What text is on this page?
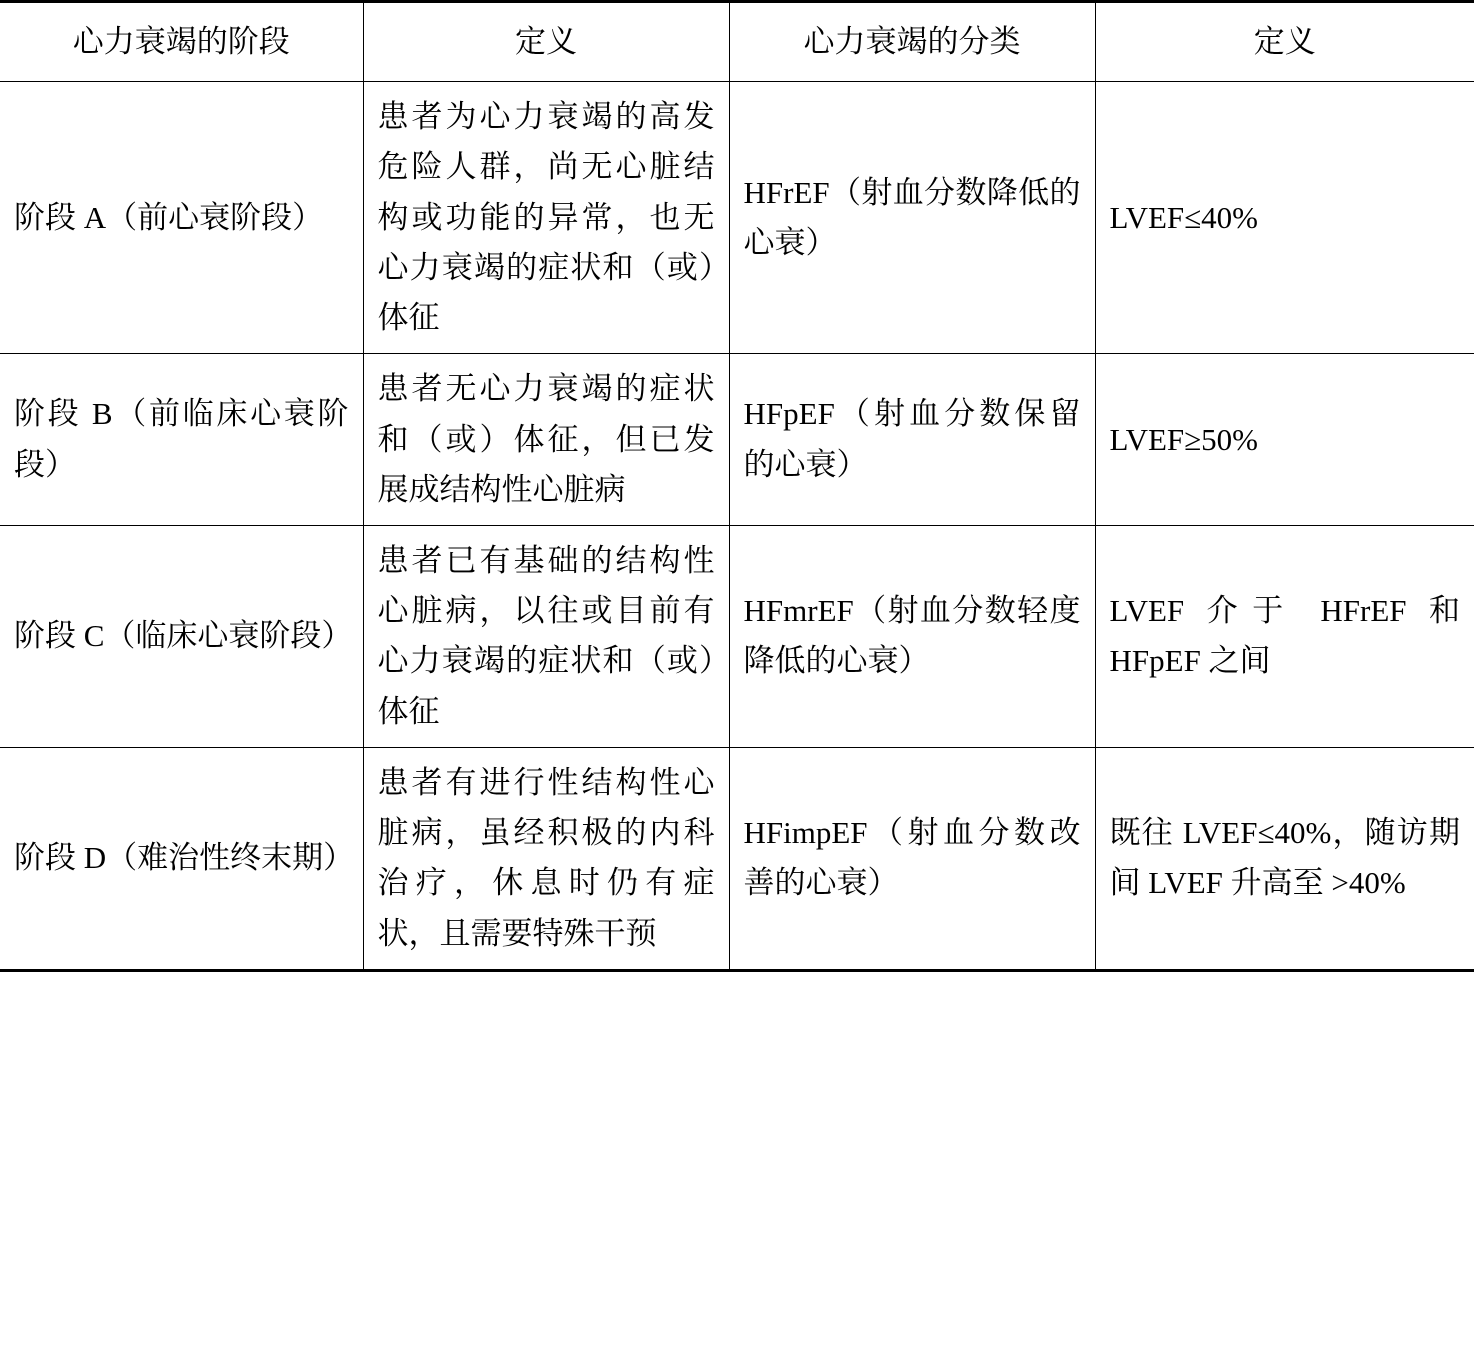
心力衰竭的阶段	定义	心力衰竭的分类	定义
阶段 A（前心衰阶段）	患者为心力衰竭的高发危险人群，尚无心脏结构或功能的异常，也无心力衰竭的症状和（或）体征	HFrEF（射血分数降低的心衰）	LVEF≤40%
阶段 B（前临床心衰阶段）	患者无心力衰竭的症状和（或）体征，但已发展成结构性心脏病	HFpEF（射血分数保留的心衰）	LVEF≥50%
阶段 C（临床心衰阶段）	患者已有基础的结构性心脏病，以往或目前有心力衰竭的症状和（或）体征	HFmrEF（射血分数轻度降低的心衰）	LVEF 介于 HFrEF 和 HFpEF 之间
阶段 D（难治性终末期）	患者有进行性结构性心脏病，虽经积极的内科治疗，休息时仍有症状，且需要特殊干预	HFimpEF（射血分数改善的心衰）	既往 LVEF≤40%，随访期间 LVEF 升高至 >40%
